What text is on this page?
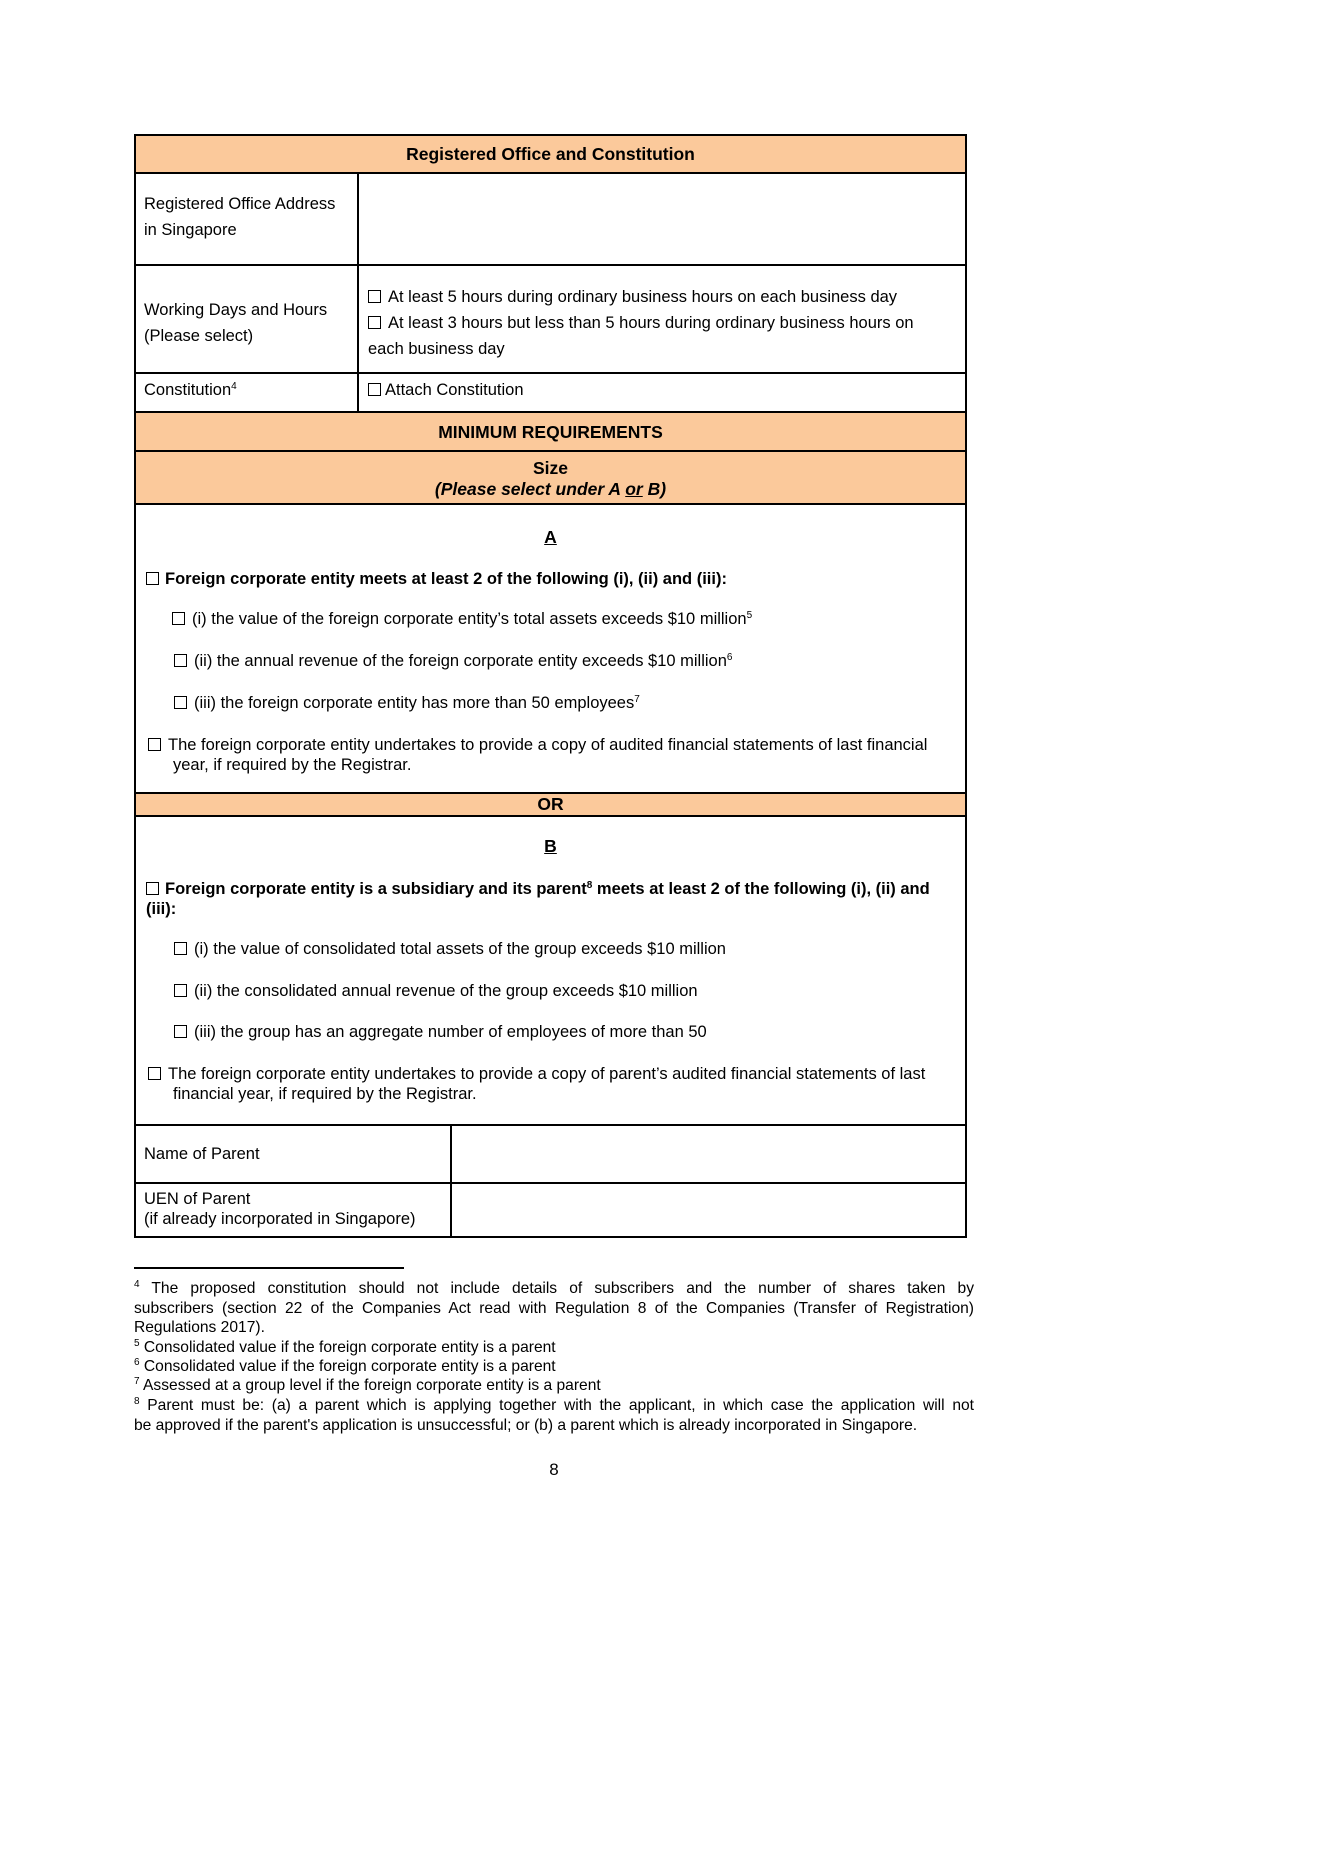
Registered Office and Constitution
Registered Office Address
in Singapore
Working Days and Hours
(Please select)
At least 5 hours during ordinary business hours on each business day
At least 3 hours but less than 5 hours during ordinary business hours on
each business day
Constitution$^4$	Attach Constitution
MINIMUM REQUIREMENTS
Size
(Please select under A or B)
A
Foreign corporate entity meets at least 2 of the following (i), (ii) and (iii):
(i) the value of the foreign corporate entity’s total assets exceeds $10 million$^5$
(ii) the annual revenue of the foreign corporate entity exceeds $10 million$^6$
(iii) the foreign corporate entity has more than 50 employees$^7$
The foreign corporate entity undertakes to provide a copy of audited financial statements of last financial
year, if required by the Registrar.
OR
B
Foreign corporate entity is a subsidiary and its parent$^8$ meets at least 2 of the following (i), (ii) and
(iii):
(i) the value of consolidated total assets of the group exceeds $10 million
(ii) the consolidated annual revenue of the group exceeds $10 million
(iii) the group has an aggregate number of employees of more than 50
The foreign corporate entity undertakes to provide a copy of parent’s audited financial statements of last
financial year, if required by the Registrar.
Name of Parent
UEN of Parent
(if already incorporated in Singapore)
$^4$ The proposed constitution should not include details of subscribers and the number of shares taken by
subscribers (section 22 of the Companies Act read with Regulation 8 of the Companies (Transfer of Registration)
Regulations 2017).
$^5$ Consolidated value if the foreign corporate entity is a parent
$^6$ Consolidated value if the foreign corporate entity is a parent
$^7$ Assessed at a group level if the foreign corporate entity is a parent
$^8$ Parent must be: (a) a parent which is applying together with the applicant, in which case the application will not
be approved if the parent's application is unsuccessful; or (b) a parent which is already incorporated in Singapore.
8
